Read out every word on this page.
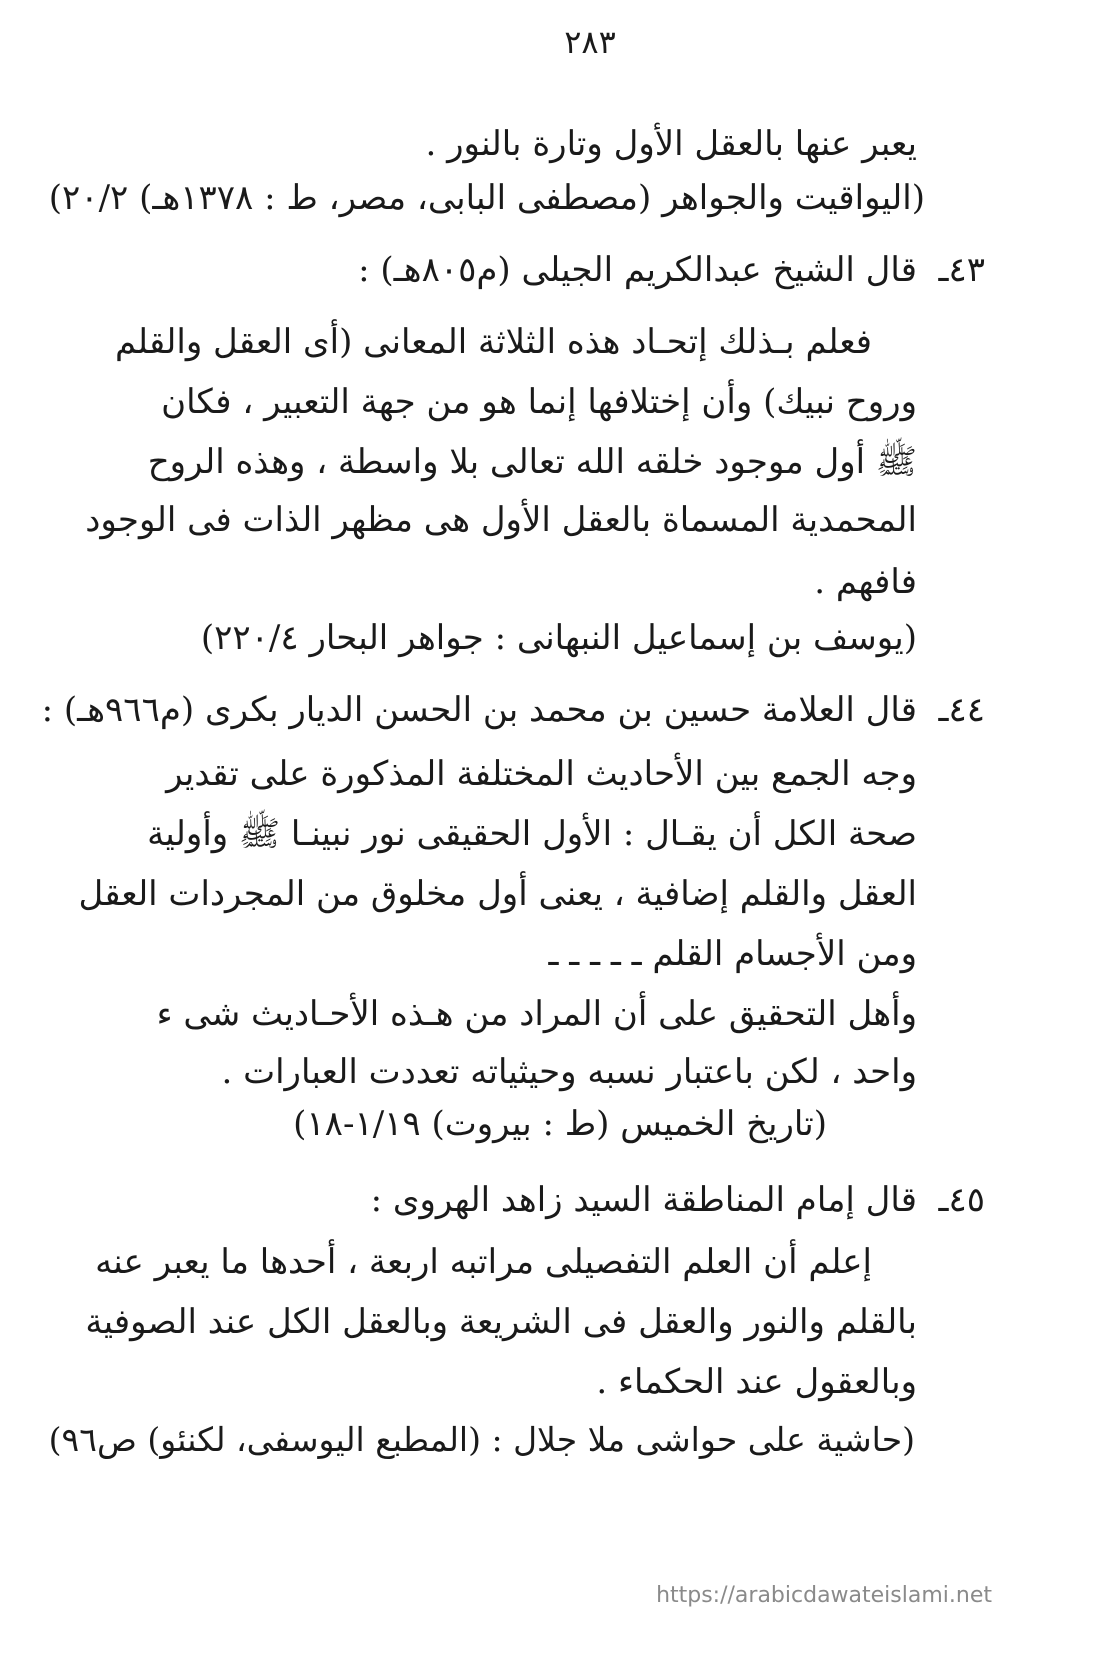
٢٨٣
يعبر عنها بالعقل الأول وتارة بالنور .
(اليواقيت والجواهر (مصطفى البابى، مصر، ط : ١٣٧٨هـ) ٢٠/٢)
٤٣ـ
قال الشيخ عبدالكريم الجيلى (م٨٠٥هـ) :
فعلم بـذلك إتحـاد هذه الثلاثة المعانى (أى العقل والقلم
وروح نبيك) وأن إختلافها إنما هو من جهة التعبير ، فكان
ﷺ أول موجود خلقه الله تعالى بلا واسطة ، وهذه الروح
المحمدية المسماة بالعقل الأول هى مظهر الذات فى الوجود
فافهم .
(يوسف بن إسماعيل النبهانى : جواهر البحار ٢٢٠/٤)
٤٤ـ
قال العلامة حسين بن محمد بن الحسن الديار بكرى (م٩٦٦هـ) :
وجه الجمع بين الأحاديث المختلفة المذكورة على تقدير
صحة الكل أن يقـال : الأول الحقيقى نور نبينـا ﷺ وأولية
العقل والقلم إضافية ، يعنى أول مخلوق من المجردات العقل
ومن الأجسام القلم ـ ـ ـ ـ ـ
وأهل التحقيق على أن المراد من هـذه الأحـاديث شى ء
واحد ، لكن باعتبار نسبه وحيثياته تعددت العبارات .
(تاريخ الخميس (ط : بيروت) ١/١٩-١٨)
٤٥ـ
قال إمام المناطقة السيد زاهد الهروى :
إعلم أن العلم التفصيلى مراتبه اربعة ، أحدها ما يعبر عنه
بالقلم والنور والعقل فى الشريعة وبالعقل الكل عند الصوفية
وبالعقول عند الحكماء .
(حاشية على حواشى ملا جلال : (المطبع اليوسفى، لكنئو) ص٩٦)
https://arabicdawateislami.net
